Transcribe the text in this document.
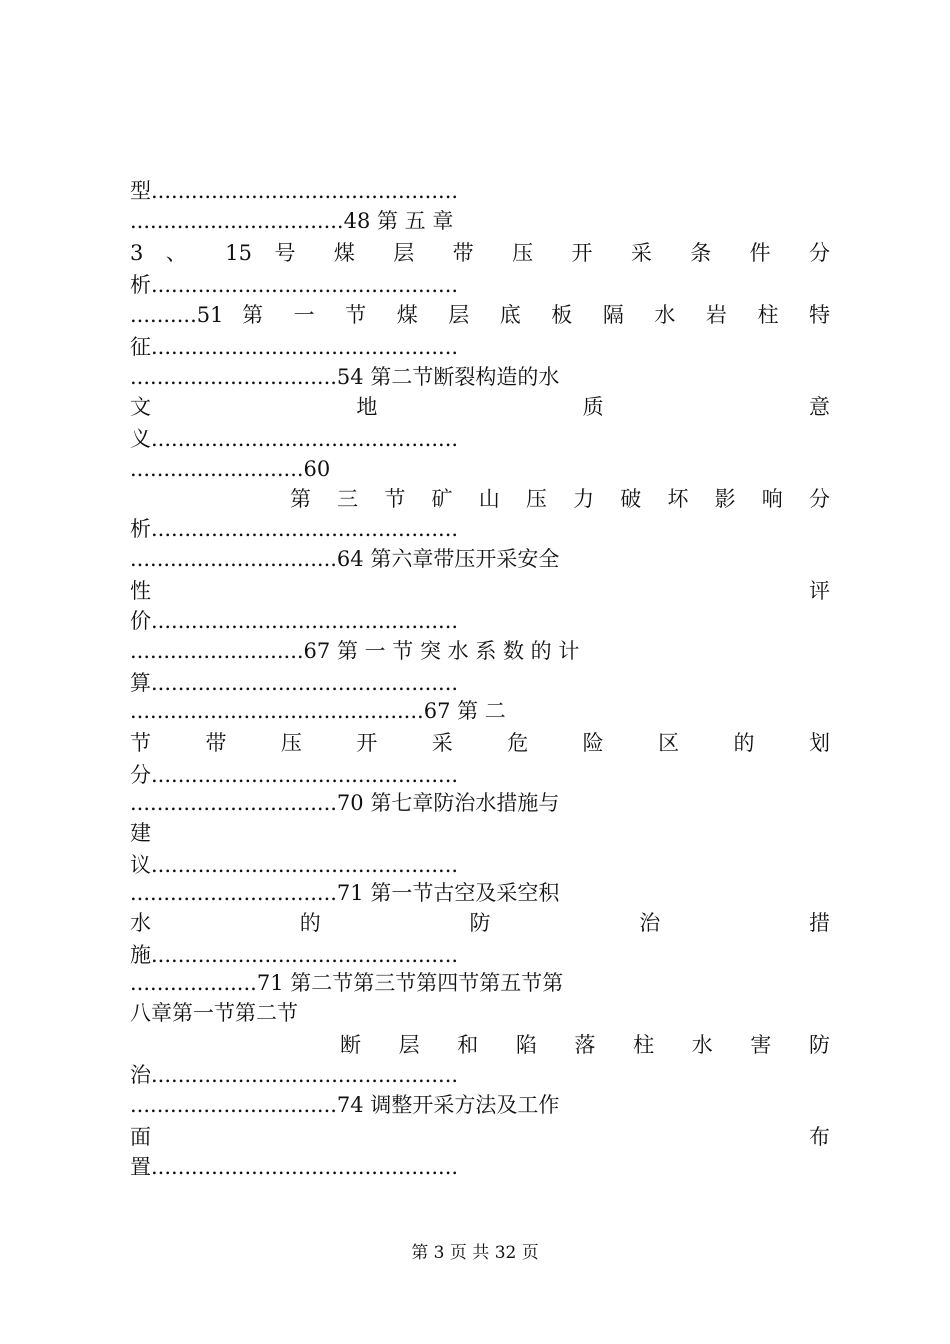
型..............................................
................................48 第 五 章
3 、 15 号 煤 层 带 压 开 采 条 件 分
析..............................................
..........51 第 一 节 煤 层 底 板 隔 水 岩 柱 特
征..............................................
...............................54 第二节断裂构造的水
文 地 质 意
义..............................................
..........................60
第 三 节 矿 山 压 力 破 坏 影 响 分
析..............................................
...............................64 第六章带压开采安全
性 评
价..............................................
..........................67 第 一 节 突 水 系 数 的 计
算..............................................
............................................67 第 二
节 带 压 开 采 危 险 区 的 划
分..............................................
...............................70 第七章防治水措施与
建
议..............................................
...............................71 第一节古空及采空积
水 的 防 治 措
施..............................................
...................71 第二节第三节第四节第五节第
八章第一节第二节
断 层 和 陷 落 柱 水 害 防
治..............................................
...............................74 调整开采方法及工作
面 布
置..............................................
第 3 页 共 32 页
